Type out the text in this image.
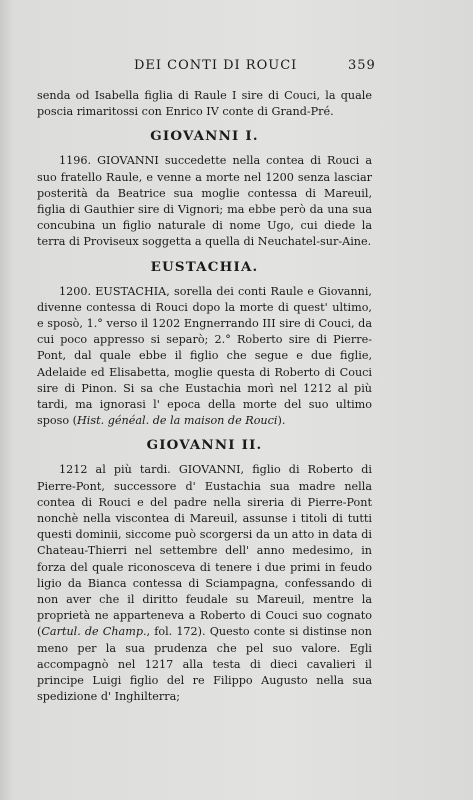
DEI CONTI DI ROUCI	359

senda od Isabella figlia di Raule I sire di Couci, la quale poscia rimaritossi con Enrico IV conte di Grand-Pré.

GIOVANNI I.

1196. GIOVANNI succedette nella contea di Rouci a suo fratello Raule, e venne a morte nel 1200 senza lasciar posterità da Beatrice sua moglie contessa di Mareuil, figlia di Gauthier sire di Vignori; ma ebbe però da una sua concubina un figlio naturale di nome Ugo, cui diede la terra di Proviseux soggetta a quella di Neuchatel-sur-Aine.

EUSTACHIA.

1200. EUSTACHIA, sorella dei conti Raule e Giovanni, divenne contessa di Rouci dopo la morte di quest' ultimo, e sposò, 1.° verso il 1202 Engnerrando III sire di Couci, da cui poco appresso si separò; 2.° Roberto sire di Pierre-Pont, dal quale ebbe il figlio che segue e due figlie, Adelaide ed Elisabetta, moglie questa di Roberto di Couci sire di Pinon. Si sa che Eustachia morì nel 1212 al più tardi, ma ignorasi l' epoca della morte del suo ultimo sposo (Hist. généal. de la maison de Rouci).

GIOVANNI II.

1212 al più tardi. GIOVANNI, figlio di Roberto di Pierre-Pont, successore d' Eustachia sua madre nella contea di Rouci e del padre nella sireria di Pierre-Pont nonchè nella viscontea di Mareuil, assunse i titoli di tutti questi dominii, siccome può scorgersi da un atto in data di Chateau-Thierri nel settembre dell' anno medesimo, in forza del quale riconosceva di tenere i due primi in feudo ligio da Bianca contessa di Sciampagna, confessando di non aver che il diritto feudale su Mareuil, mentre la proprietà ne apparteneva a Roberto di Couci suo cognato (Cartul. de Champ., fol. 172). Questo conte si distinse non meno per la sua prudenza che pel suo valore. Egli accompagnò nel 1217 alla testa di dieci cavalieri il principe Luigi figlio del re Filippo Augusto nella sua spedizione d' Inghilterra;
